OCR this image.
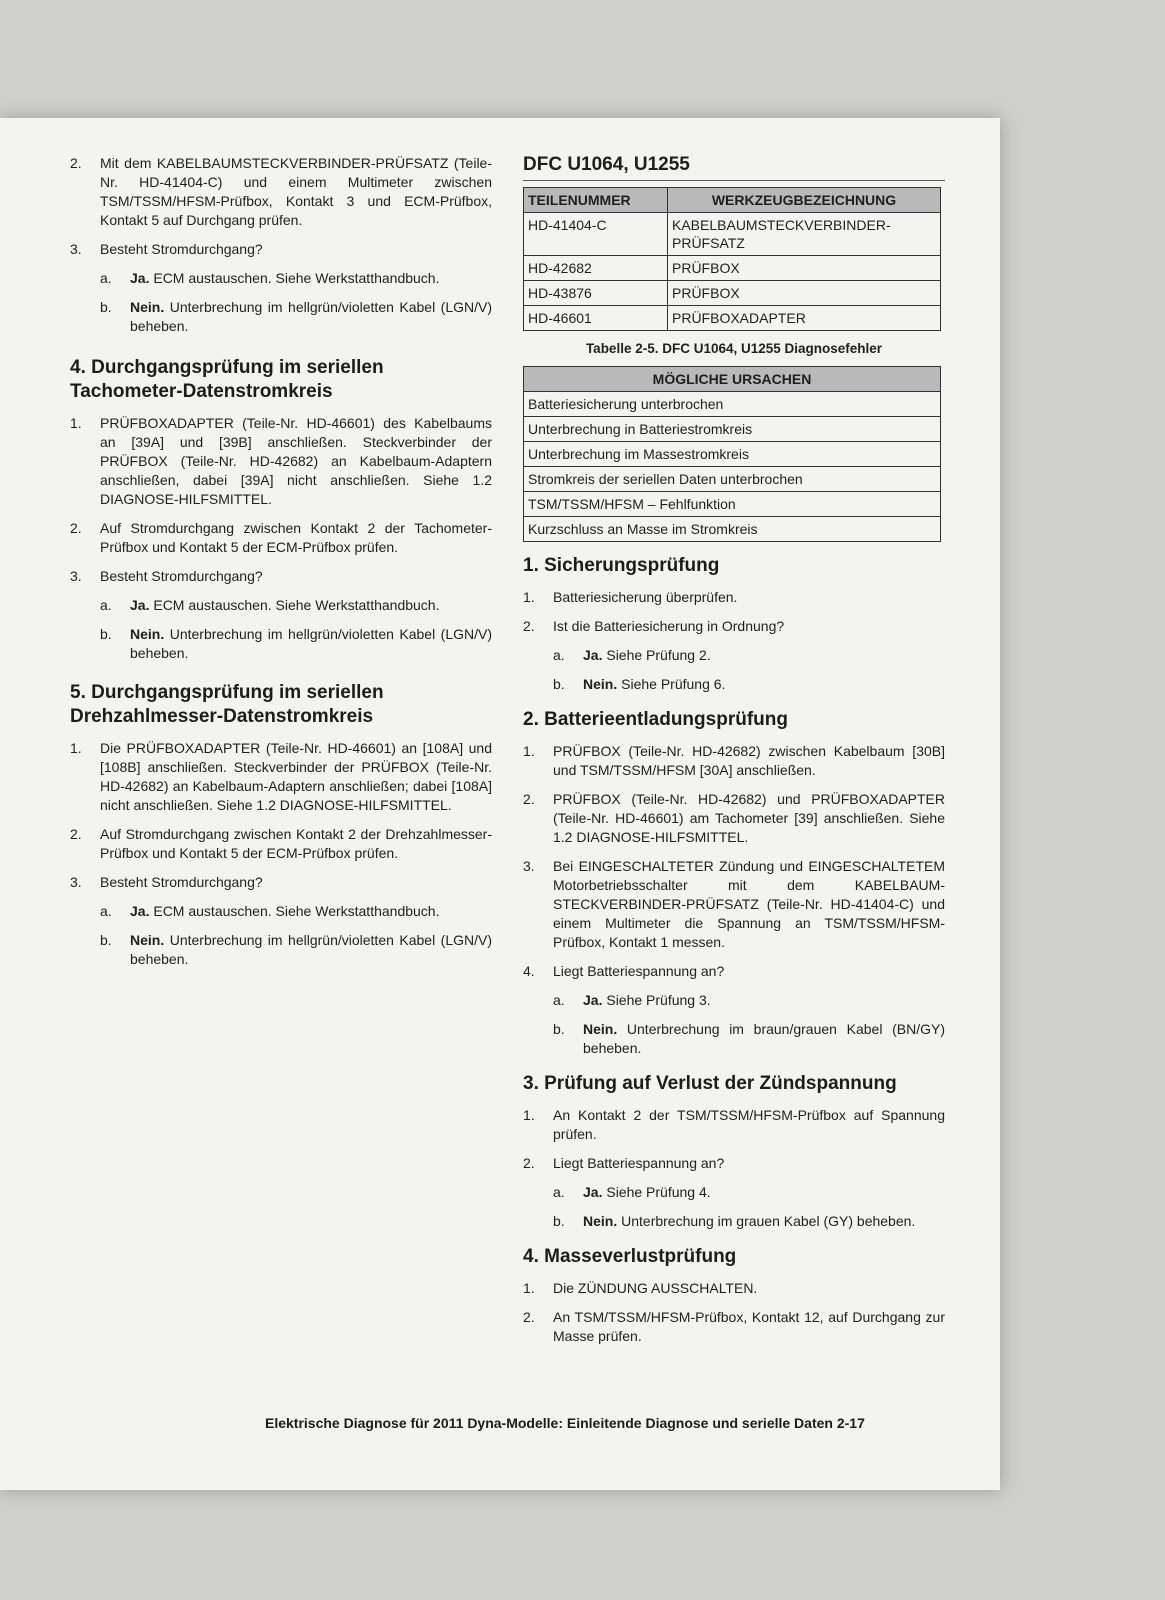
2. Mit dem KABELBAUMSTECKVERBINDER-PRÜFSATZ (Teile-Nr. HD-41404-C) und einem Multimeter zwischen TSM/TSSM/HFSM-Prüfbox, Kontakt 3 und ECM-Prüfbox, Kontakt 5 auf Durchgang prüfen.
3. Besteht Stromdurchgang?
a. Ja. ECM austauschen. Siehe Werkstatthandbuch.
b. Nein. Unterbrechung im hellgrün/violetten Kabel (LGN/V) beheben.
4. Durchgangsprüfung im seriellen Tachometer-Datenstromkreis
1. PRÜFBOXADAPTER (Teile-Nr. HD-46601) des Kabelbaums an [39A] und [39B] anschließen. Steckverbinder der PRÜFBOX (Teile-Nr. HD-42682) an Kabelbaum-Adaptern anschließen, dabei [39A] nicht anschließen. Siehe 1.2 DIAGNOSE-HILFSMITTEL.
2. Auf Stromdurchgang zwischen Kontakt 2 der Tachometer-Prüfbox und Kontakt 5 der ECM-Prüfbox prüfen.
3. Besteht Stromdurchgang?
a. Ja. ECM austauschen. Siehe Werkstatthandbuch.
b. Nein. Unterbrechung im hellgrün/violetten Kabel (LGN/V) beheben.
5. Durchgangsprüfung im seriellen Drehzahlmesser-Datenstromkreis
1. Die PRÜFBOXADAPTER (Teile-Nr. HD-46601) an [108A] und [108B] anschließen. Steckverbinder der PRÜFBOX (Teile-Nr. HD-42682) an Kabelbaum-Adaptern anschließen; dabei [108A] nicht anschließen. Siehe 1.2 DIAGNOSE-HILFSMITTEL.
2. Auf Stromdurchgang zwischen Kontakt 2 der Drehzahlmesser-Prüfbox und Kontakt 5 der ECM-Prüfbox prüfen.
3. Besteht Stromdurchgang?
a. Ja. ECM austauschen. Siehe Werkstatthandbuch.
b. Nein. Unterbrechung im hellgrün/violetten Kabel (LGN/V) beheben.
DFC U1064, U1255
TEILENUMMER	WERKZEUGBEZEICHNUNG
HD-41404-C	KABELBAUMSTECKVERBINDER-PRÜFSATZ
HD-42682	PRÜFBOX
HD-43876	PRÜFBOX
HD-46601	PRÜFBOXADAPTER
Tabelle 2-5. DFC U1064, U1255 Diagnosefehler
MÖGLICHE URSACHEN
Batteriesicherung unterbrochen
Unterbrechung in Batteriestromkreis
Unterbrechung im Massestromkreis
Stromkreis der seriellen Daten unterbrochen
TSM/TSSM/HFSM – Fehlfunktion
Kurzschluss an Masse im Stromkreis
1. Sicherungsprüfung
1. Batteriesicherung überprüfen.
2. Ist die Batteriesicherung in Ordnung?
a. Ja. Siehe Prüfung 2.
b. Nein. Siehe Prüfung 6.
2. Batterieentladungsprüfung
1. PRÜFBOX (Teile-Nr. HD-42682) zwischen Kabelbaum [30B] und TSM/TSSM/HFSM [30A] anschließen.
2. PRÜFBOX (Teile-Nr. HD-42682) und PRÜFBOXADAPTER (Teile-Nr. HD-46601) am Tachometer [39] anschließen. Siehe 1.2 DIAGNOSE-HILFSMITTEL.
3. Bei EINGESCHALTETER Zündung und EINGESCHALTETEM Motorbetriebsschalter mit dem KABELBAUM-STECKVERBINDER-PRÜFSATZ (Teile-Nr. HD-41404-C) und einem Multimeter die Spannung an TSM/TSSM/HFSM-Prüfbox, Kontakt 1 messen.
4. Liegt Batteriespannung an?
a. Ja. Siehe Prüfung 3.
b. Nein. Unterbrechung im braun/grauen Kabel (BN/GY) beheben.
3. Prüfung auf Verlust der Zündspannung
1. An Kontakt 2 der TSM/TSSM/HFSM-Prüfbox auf Spannung prüfen.
2. Liegt Batteriespannung an?
a. Ja. Siehe Prüfung 4.
b. Nein. Unterbrechung im grauen Kabel (GY) beheben.
4. Masseverlustprüfung
1. Die ZÜNDUNG AUSSCHALTEN.
2. An TSM/TSSM/HFSM-Prüfbox, Kontakt 12, auf Durchgang zur Masse prüfen.
Elektrische Diagnose für 2011 Dyna-Modelle: Einleitende Diagnose und serielle Daten 2-17
